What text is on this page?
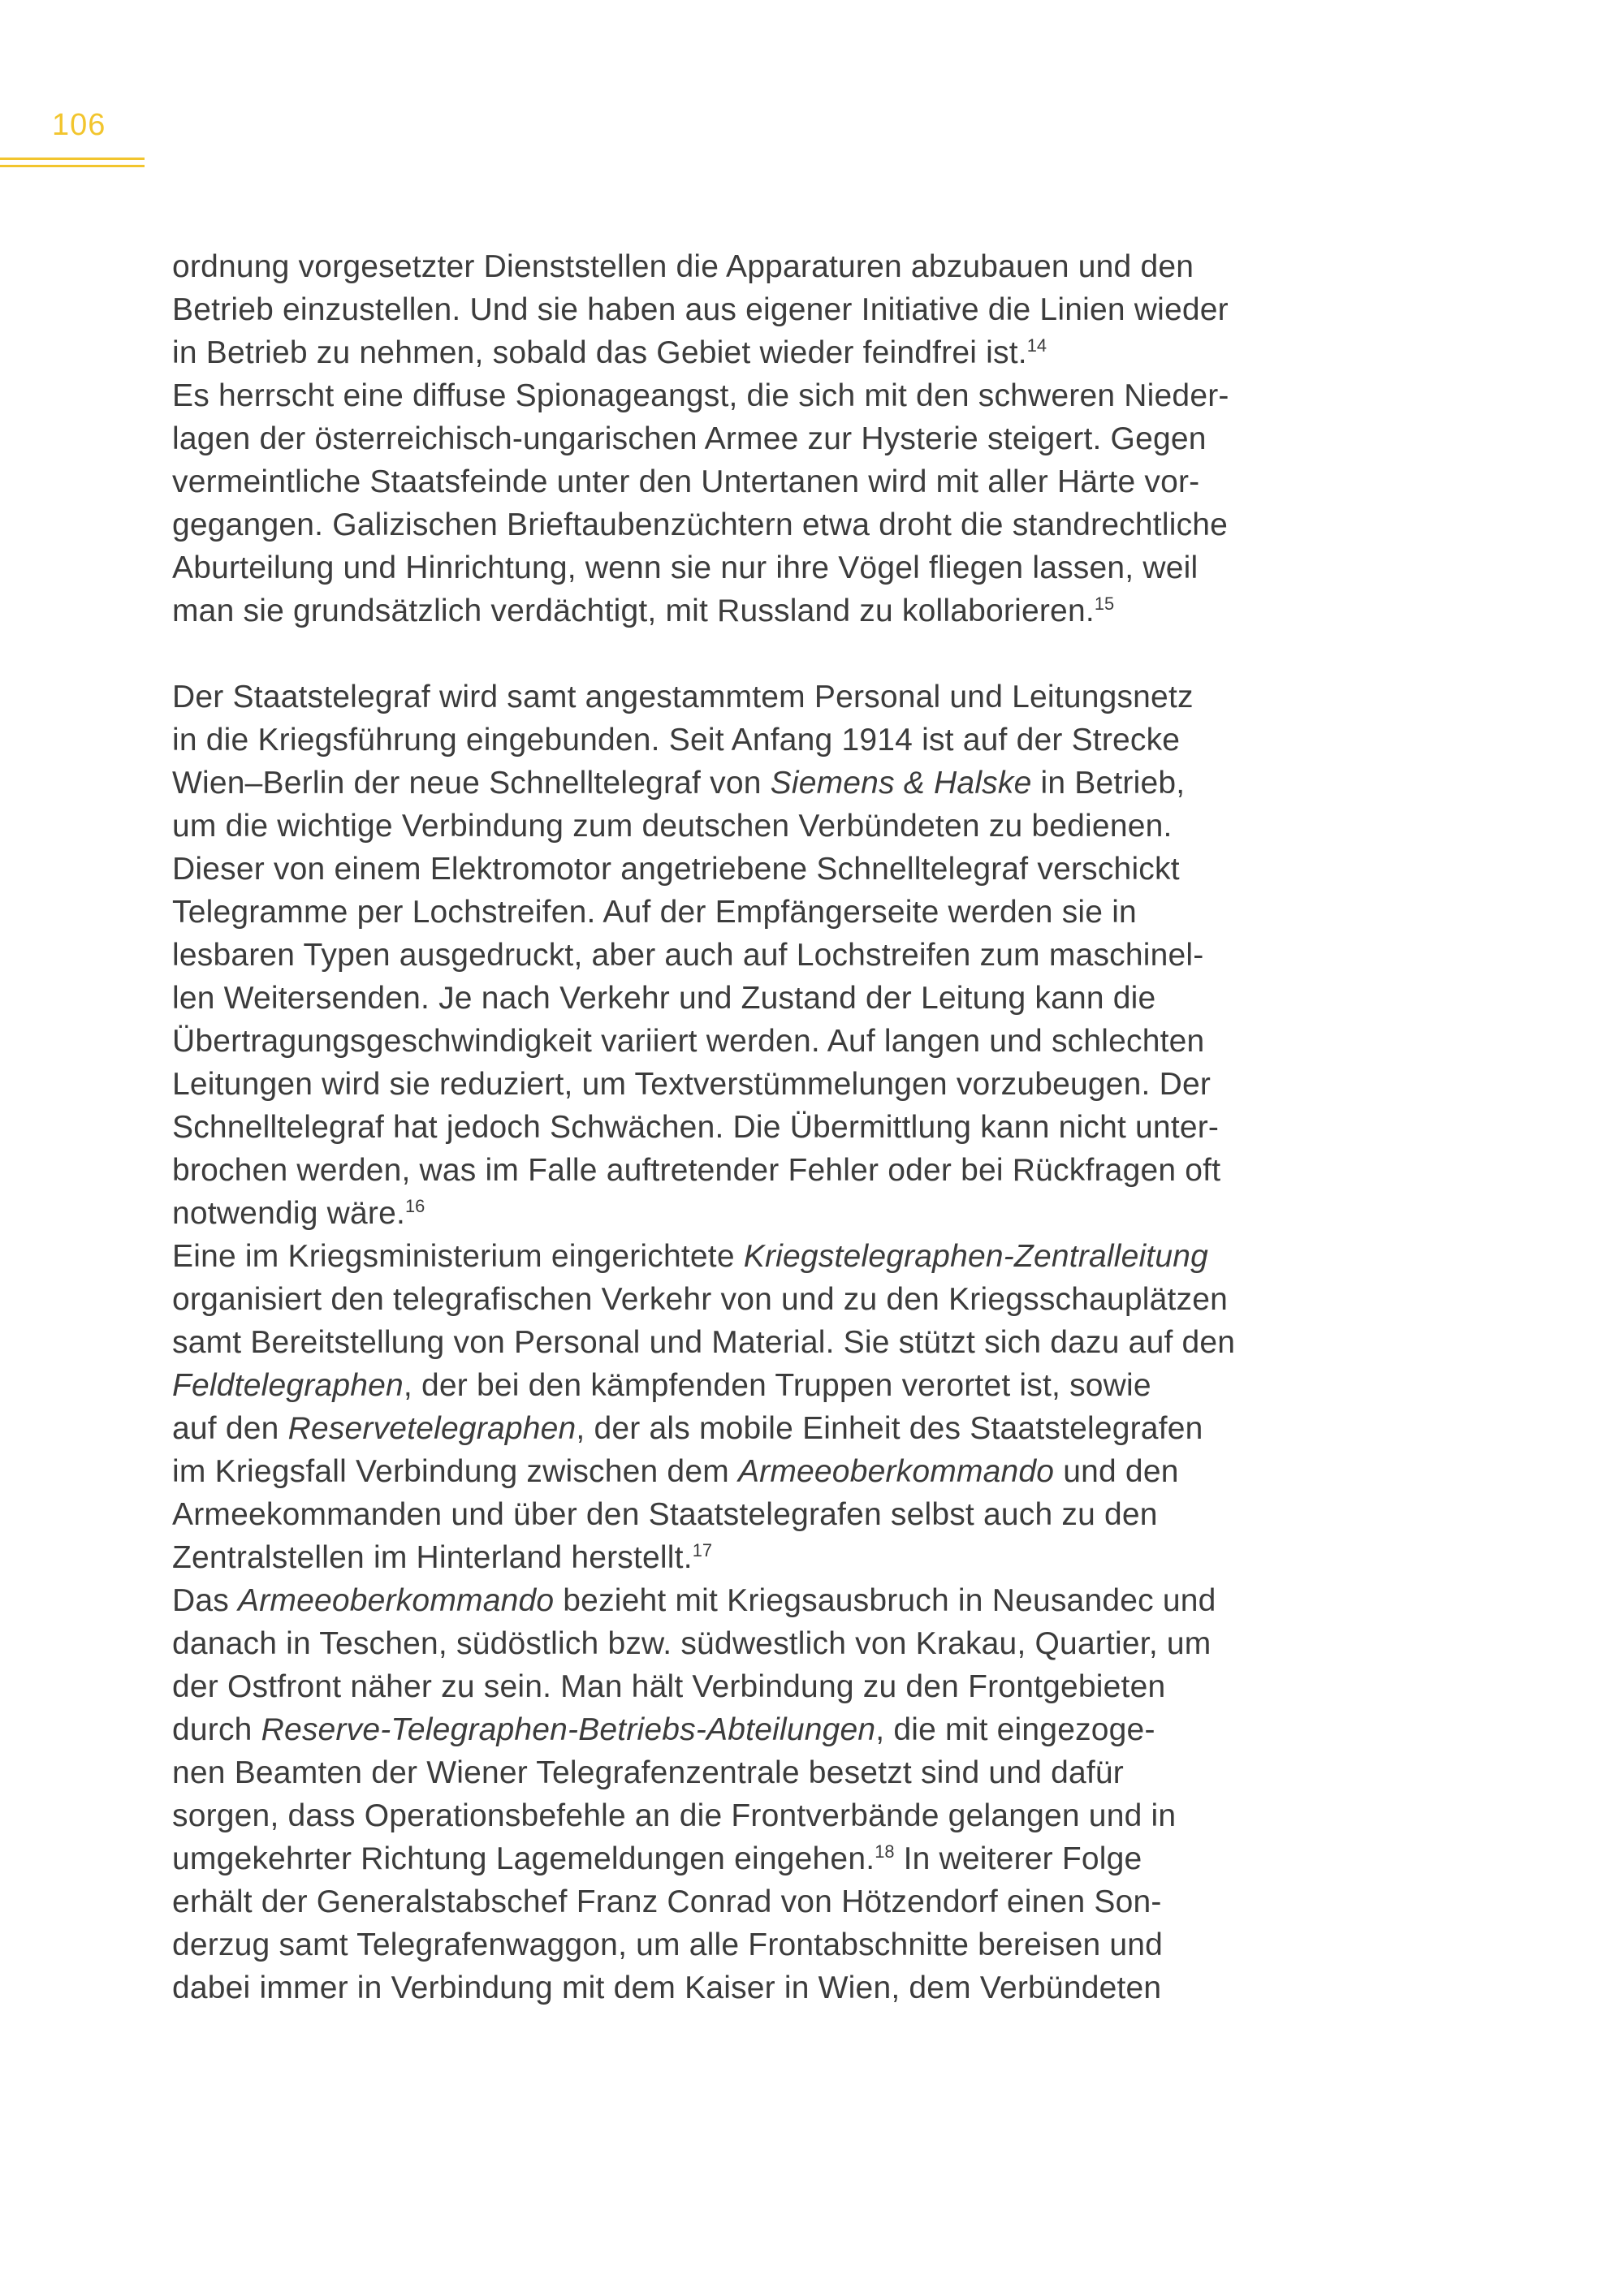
106

ordnung vorgesetzter Dienststellen die Apparaturen abzubauen und den
Betrieb einzustellen. Und sie haben aus eigener Initiative die Linien wieder
in Betrieb zu nehmen, sobald das Gebiet wieder feindfrei ist.$^{14}$

Es herrscht eine diffuse Spionageangst, die sich mit den schweren Nieder-
lagen der österreichisch-ungarischen Armee zur Hysterie steigert. Gegen
vermeintliche Staatsfeinde unter den Untertanen wird mit aller Härte vor-
gegangen. Galizischen Brieftaubenzüchtern etwa droht die standrechtliche
Aburteilung und Hinrichtung, wenn sie nur ihre Vögel fliegen lassen, weil
man sie grundsätzlich verdächtigt, mit Russland zu kollaborieren.$^{15}$

Der Staatstelegraf wird samt angestammtem Personal und Leitungsnetz
in die Kriegsführung eingebunden. Seit Anfang 1914 ist auf der Strecke
Wien–Berlin der neue Schnelltelegraf von Siemens & Halske in Betrieb,
um die wichtige Verbindung zum deutschen Verbündeten zu bedienen.
Dieser von einem Elektromotor angetriebene Schnelltelegraf verschickt
Telegramme per Lochstreifen. Auf der Empfängerseite werden sie in
lesbaren Typen ausgedruckt, aber auch auf Lochstreifen zum maschinel-
len Weitersenden. Je nach Verkehr und Zustand der Leitung kann die
Übertragungsgeschwindigkeit variiert werden. Auf langen und schlechten
Leitungen wird sie reduziert, um Textverstümmelungen vorzubeugen. Der
Schnelltelegraf hat jedoch Schwächen. Die Übermittlung kann nicht unter-
brochen werden, was im Falle auftretender Fehler oder bei Rückfragen oft
notwendig wäre.$^{16}$

Eine im Kriegsministerium eingerichtete Kriegstelegraphen-Zentralleitung
organisiert den telegrafischen Verkehr von und zu den Kriegsschauplätzen
samt Bereitstellung von Personal und Material. Sie stützt sich dazu auf den
Feldtelegraphen, der bei den kämpfenden Truppen verortet ist, sowie
auf den Reservetelegraphen, der als mobile Einheit des Staatstelegrafen
im Kriegsfall Verbindung zwischen dem Armeeoberkommando und den
Armeekommanden und über den Staatstelegrafen selbst auch zu den
Zentralstellen im Hinterland herstellt.$^{17}$

Das Armeeoberkommando bezieht mit Kriegsausbruch in Neusandec und
danach in Teschen, südöstlich bzw. südwestlich von Krakau, Quartier, um
der Ostfront näher zu sein. Man hält Verbindung zu den Frontgebieten
durch Reserve-Telegraphen-Betriebs-Abteilungen, die mit eingezoge-
nen Beamten der Wiener Telegrafenzentrale besetzt sind und dafür
sorgen, dass Operationsbefehle an die Frontverbände gelangen und in
umgekehrter Richtung Lagemeldungen eingehen.$^{18}$ In weiterer Folge
erhält der Generalstabschef Franz Conrad von Hötzendorf einen Son-
derzug samt Telegrafenwaggon, um alle Frontabschnitte bereisen und
dabei immer in Verbindung mit dem Kaiser in Wien, dem Verbündeten
